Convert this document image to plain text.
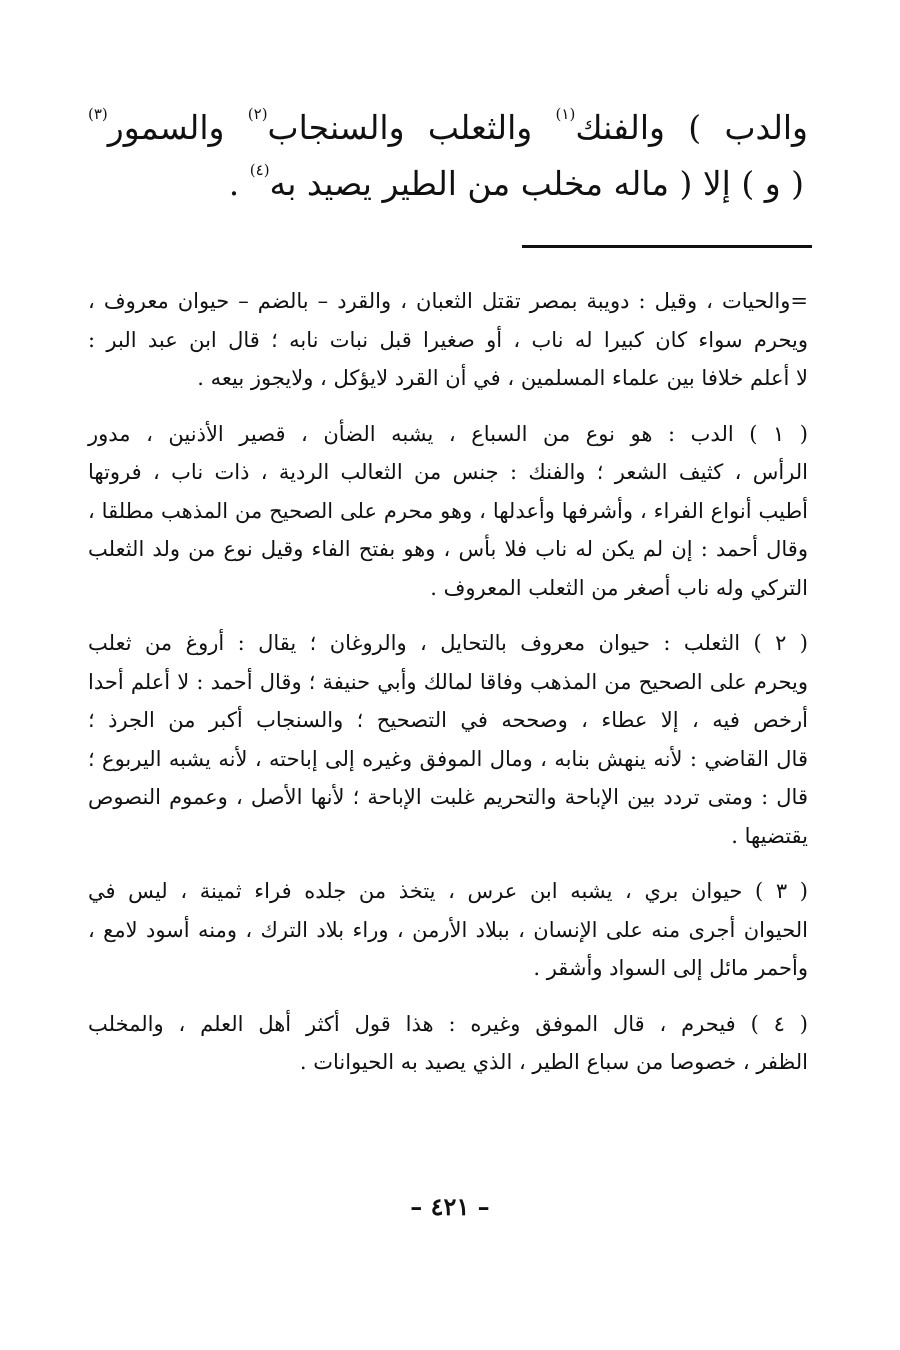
والدب ) والفنك$^{(١)}$ والثعلب والسنجاب$^{(٢)}$ والسمور$^{(٣)}$
( و ) إلا ( ماله مخلب من الطير يصيد به$^{(٤)}$ .
=والحيات ، وقيل : دويبة بمصر تقتل الثعبان ، والقرد – بالضم – حيوان معروف ،
ويحرم سواء كان كبيرا له ناب ، أو صغيرا قبل نبات نابه ؛ قال ابن عبد البر :
لا أعلم خلافا بين علماء المسلمين ، في أن القرد لايؤكل ، ولايجوز بيعه .
( ١ ) الدب : هو نوع من السباع ، يشبه الضأن ، قصير الأذنين ، مدور
الرأس ، كثيف الشعر ؛ والفنك : جنس من الثعالب الردية ، ذات ناب ، فروتها
أطيب أنواع الفراء ، وأشرفها وأعدلها ، وهو محرم على الصحيح من المذهب مطلقا ،
وقال أحمد : إن لم يكن له ناب فلا بأس ، وهو بفتح الفاء وقيل نوع من ولد الثعلب
التركي وله ناب أصغر من الثعلب المعروف .
( ٢ ) الثعلب : حيوان معروف بالتحايل ، والروغان ؛ يقال : أروغ من ثعلب
ويحرم على الصحيح من المذهب وفاقا لمالك وأبي حنيفة ؛ وقال أحمد : لا أعلم أحدا
أرخص فيه ، إلا عطاء ، وصححه في التصحيح ؛ والسنجاب أكبر من الجرذ ؛
قال القاضي : لأنه ينهش بنابه ، ومال الموفق وغيره إلى إباحته ، لأنه يشبه اليربوع ؛
قال : ومتى تردد بين الإباحة والتحريم غلبت الإباحة ؛ لأنها الأصل ، وعموم النصوص
يقتضيها .
( ٣ ) حيوان بري ، يشبه ابن عرس ، يتخذ من جلده فراء ثمينة ، ليس في
الحيوان أجرى منه على الإنسان ، ببلاد الأرمن ، وراء بلاد الترك ، ومنه أسود لامع ،
وأحمر مائل إلى السواد وأشقر .
( ٤ ) فيحرم ، قال الموفق وغيره : هذا قول أكثر أهل العلم ، والمخلب
الظفر ، خصوصا من سباع الطير ، الذي يصيد به الحيوانات .
– ٤٢١ –
